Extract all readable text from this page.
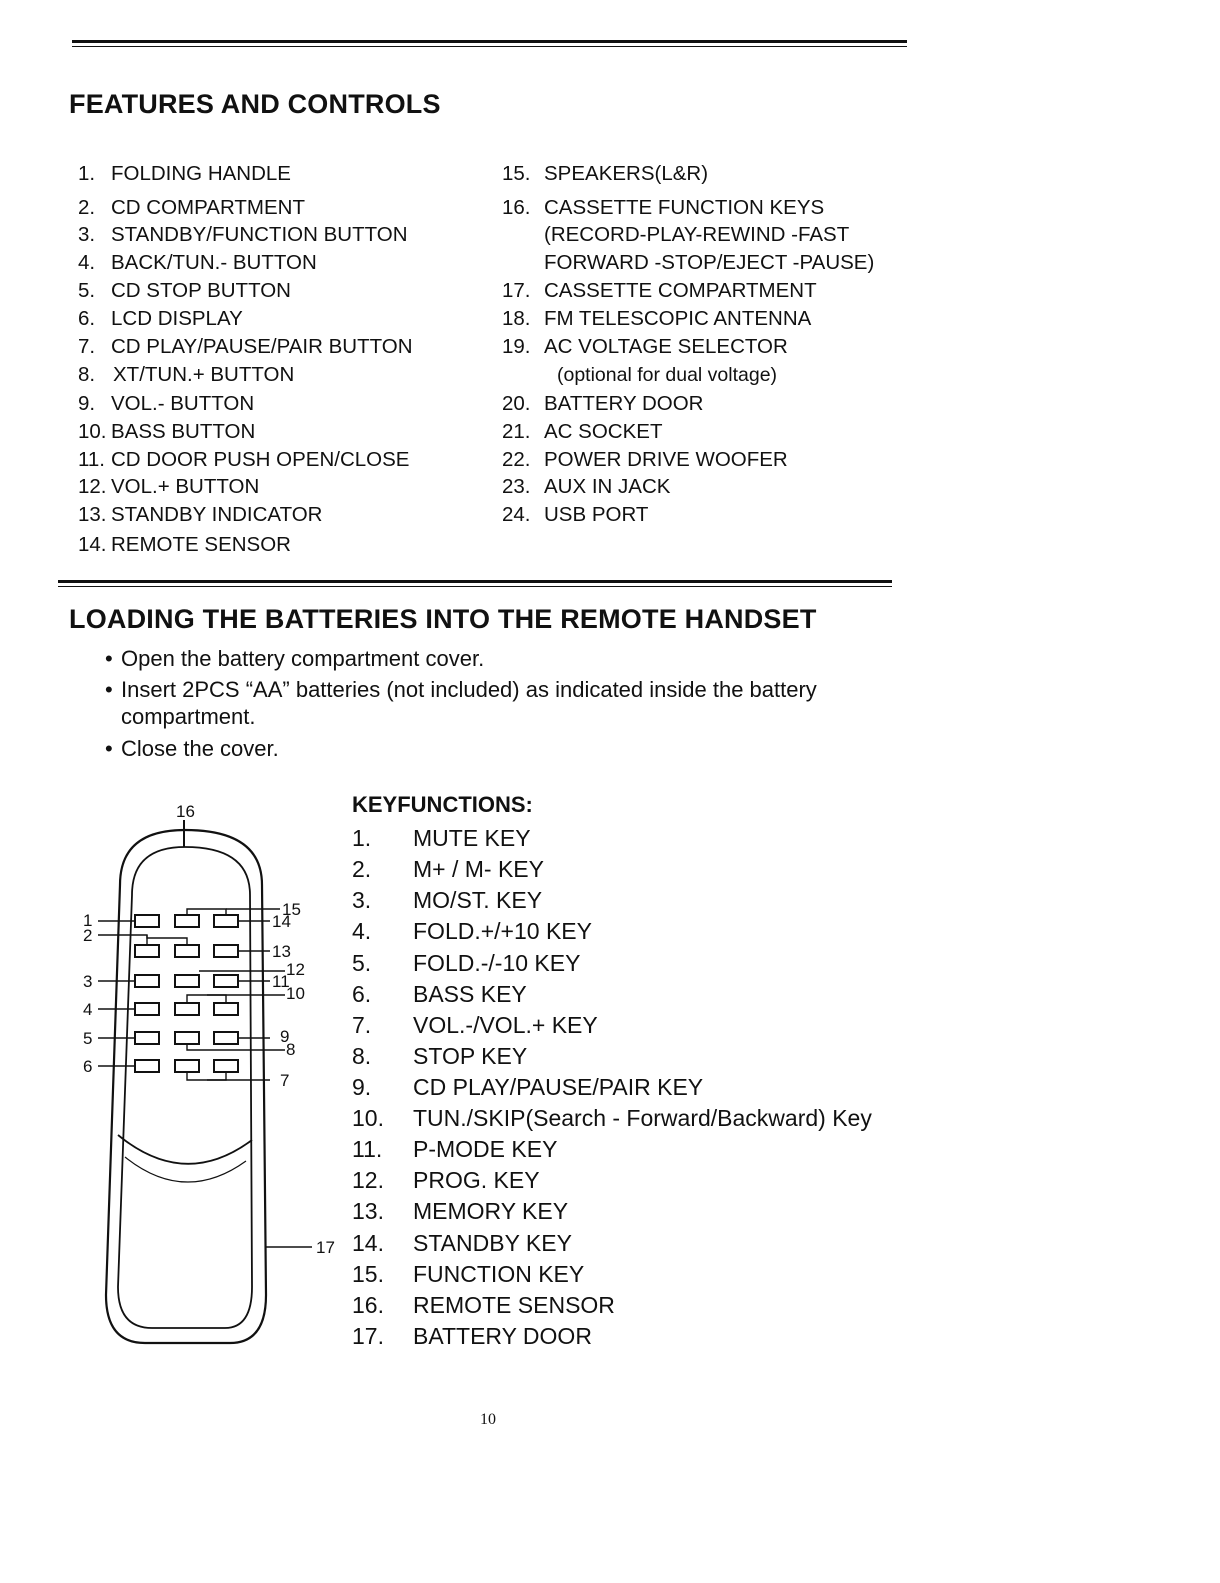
FEATURES AND CONTROLS
1. FOLDING HANDLE
2. CD COMPARTMENT
3. STANDBY/FUNCTION BUTTON
4. BACK/TUN.- BUTTON
5. CD STOP BUTTON
6. LCD DISPLAY
7. CD PLAY/PAUSE/PAIR BUTTON
8. XT/TUN.+ BUTTON
9. VOL.- BUTTON
10. BASS BUTTON
11. CD DOOR PUSH OPEN/CLOSE
12. VOL.+ BUTTON
13. STANDBY INDICATOR
14. REMOTE SENSOR
15. SPEAKERS(L&R)
16. CASSETTE FUNCTION KEYS
(RECORD-PLAY-REWIND -FAST
FORWARD -STOP/EJECT -PAUSE)
17. CASSETTE COMPARTMENT
18. FM TELESCOPIC ANTENNA
19. AC VOLTAGE SELECTOR
(optional for dual voltage)
20. BATTERY DOOR
21. AC SOCKET
22. POWER DRIVE WOOFER
23. AUX IN JACK
24. USB PORT
LOADING THE BATTERIES INTO THE REMOTE HANDSET
• Open the battery compartment cover.
• Insert 2PCS “AA” batteries (not included) as indicated inside the battery
compartment.
• Close the cover.
16
1
2
3
4
5
6
15
14
13
12
11
10
9
8
7
17
KEYFUNCTIONS:
1. MUTE KEY
2. M+ / M- KEY
3. MO/ST. KEY
4. FOLD.+/+10 KEY
5. FOLD.-/-10 KEY
6. BASS KEY
7. VOL.-/VOL.+ KEY
8. STOP KEY
9. CD PLAY/PAUSE/PAIR KEY
10. TUN./SKIP(Search - Forward/Backward) Key
11. P-MODE KEY
12. PROG. KEY
13. MEMORY KEY
14. STANDBY KEY
15. FUNCTION KEY
16. REMOTE SENSOR
17. BATTERY DOOR
10
